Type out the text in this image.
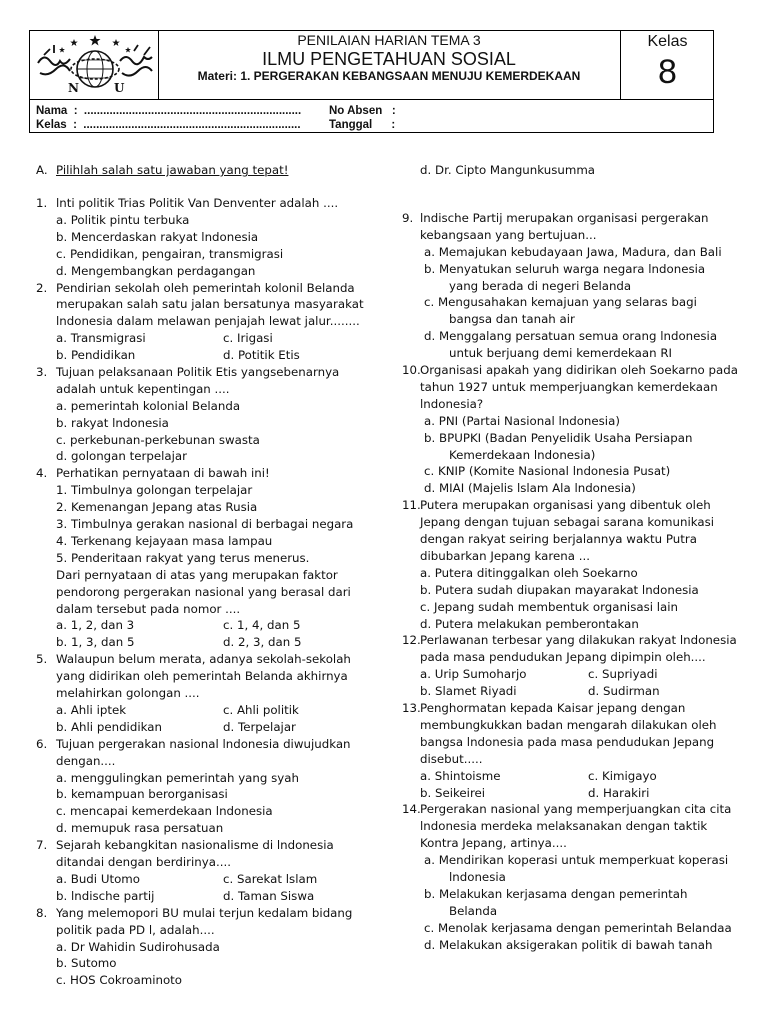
N	U
PENILAIAN HARIAN TEMA 3
ILMU PENGETAHUAN SOSIAL
Materi: 1. PERGERAKAN KEBANGSAAN MENUJU KEMERDEKAAN
Kelas
8
Nama  :  ....................................................................
Kelas  :  ....................................................................
No Absen   :
Tanggal      :
A. Pilihlah salah satu jawaban yang tepat!
1. lnti politik Trias Politik Van Denventer adalah ....
a. Politik pintu terbuka
b. Mencerdaskan rakyat lndonesia
c. Pendidikan, pengairan, transmigrasi
d. Mengembangkan perdagangan
2. Pendirian sekolah oleh pemerintah kolonil Belanda
merupakan salah satu jalan bersatunya masyarakat
lndonesia dalam melawan penjajah lewat jalur........
a. Transmigrasi	c. Irigasi
b. Pendidikan	d. Potitik Etis
3. Tujuan pelaksanaan Politik Etis yangsebenarnya
adalah untuk kepentingan ....
a. pemerintah kolonial Belanda
b. rakyat lndonesia
c. perkebunan-perkebunan swasta
d. golongan terpelajar
4. Perhatikan pernyataan di bawah ini!
1. Timbulnya golongan terpelajar
2. Kemenangan Jepang atas Rusia
3. Timbulnya gerakan nasional di berbagai negara
4. Terkenang kejayaan masa lampau
5. Penderitaan rakyat yang terus menerus.
Dari pernyataan di atas yang merupakan faktor
pendorong pergerakan nasional yang berasal dari
dalam tersebut pada nomor ....
a. 1, 2, dan 3	c. 1, 4, dan 5
b. 1, 3, dan 5	d. 2, 3, dan 5
5. Walaupun belum merata, adanya sekolah-sekolah
yang didirikan oleh pemerintah Belanda akhirnya
melahirkan golongan ....
a. Ahli iptek	c. Ahli politik
b. Ahli pendidikan	d. Terpelajar
6. Tujuan pergerakan nasional lndonesia diwujudkan
dengan....
a. menggulingkan pemerintah yang syah
b. kemampuan berorganisasi
c. mencapai kemerdekaan lndonesia
d. memupuk rasa persatuan
7. Sejarah kebangkitan nasionalisme di lndonesia
ditandai dengan berdirinya....
a. Budi Utomo	c. Sarekat lslam
b. lndische partij	d. Taman Siswa
8. Yang melemopori BU mulai terjun kedalam bidang
politik pada PD l, adalah....
a. Dr Wahidin Sudirohusada
b. Sutomo
c. HOS Cokroaminoto
d. Dr. Cipto Mangunkusumma
9. lndische Partij merupakan organisasi pergerakan
kebangsaan yang bertujuan...
a. Memajukan kebudayaan Jawa, Madura, dan Bali
b. Menyatukan seluruh warga negara lndonesia
yang berada di negeri Belanda
c. Mengusahakan kemajuan yang selaras bagi
bangsa dan tanah air
d. Menggalang persatuan semua orang lndonesia
untuk berjuang demi kemerdekaan RI
10. Organisasi apakah yang didirikan oleh Soekarno pada
tahun 1927 untuk memperjuangkan kemerdekaan
lndonesia?
a. PNI (Partai Nasional lndonesia)
b. BPUPKI (Badan Penyelidik Usaha Persiapan
Kemerdekaan lndonesia)
c. KNIP (Komite Nasional lndonesia Pusat)
d. MIAI (Majelis lslam Ala lndonesia)
11. Putera merupakan organisasi yang dibentuk oleh
Jepang dengan tujuan sebagai sarana komunikasi
dengan rakyat seiring berjalannya waktu Putra
dibubarkan Jepang karena ...
a. Putera ditinggalkan oleh Soekarno
b. Putera sudah diupakan mayarakat lndonesia
c. Jepang sudah membentuk organisasi lain
d. Putera melakukan pemberontakan
12. Perlawanan terbesar yang dilakukan rakyat lndonesia
pada masa pendudukan Jepang dipimpin oleh....
a. Urip Sumoharjo	c. Supriyadi
b. Slamet Riyadi	d. Sudirman
13. Penghormatan kepada Kaisar jepang dengan
membungkukkan badan mengarah dilakukan oleh
bangsa lndonesia pada masa pendudukan Jepang
disebut.....
a. Shintoisme	c. Kimigayo
b. Seikeirei	d. Harakiri
14. Pergerakan nasional yang memperjuangkan cita cita
lndonesia merdeka melaksanakan dengan taktik
Kontra Jepang, artinya....
a. Mendirikan koperasi untuk memperkuat koperasi
lndonesia
b. Melakukan kerjasama dengan pemerintah
Belanda
c. Menolak kerjasama dengan pemerintah Belandaa
d. Melakukan aksigerakan politik di bawah tanah
